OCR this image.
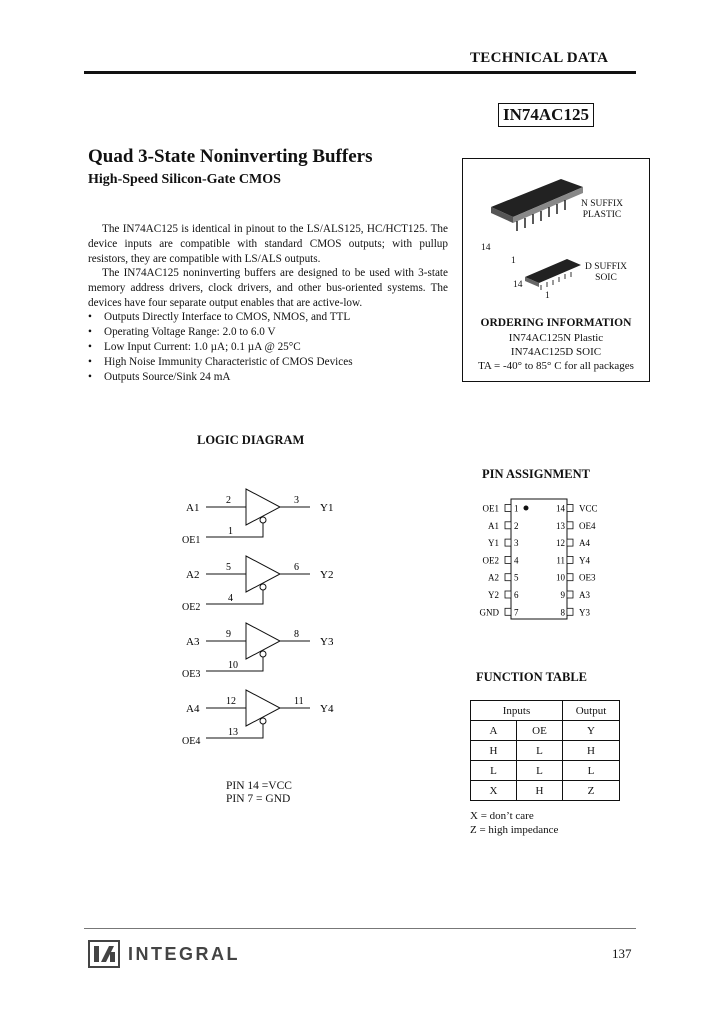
TECHNICAL DATA
IN74AC125
Quad 3-State Noninverting Buffers
High-Speed Silicon-Gate CMOS
The IN74AC125 is identical in pinout to the LS/ALS125, HC/HCT125. The device inputs are compatible with standard CMOS outputs; with pullup resistors, they are compatible with LS/ALS outputs.
The IN74AC125 noninverting buffers are designed to be used with 3-state memory address drivers, clock drivers, and other bus-oriented systems. The devices have four separate output enables that are active-low.
• Outputs Directly Interface to CMOS, NMOS, and TTL
• Operating Voltage Range: 2.0 to 6.0 V
• Low Input Current: 1.0 µA; 0.1 µA @ 25°C
• High Noise Immunity Characteristic of CMOS Devices
• Outputs Source/Sink 24 mA
N SUFFIX
PLASTIC
14
1
D SUFFIX
SOIC
14
1
ORDERING INFORMATION
IN74AC125N Plastic
IN74AC125D SOIC
TA = -40° to 85° C for all packages
LOGIC DIAGRAM
A1
2	3
Y1
1
OE1
A2
5	6
Y2
4
OE2
A3
9	8
Y3
10
OE3
A4
12	11
Y4
13
OE4
PIN 14 =VCC
PIN 7 = GND
PIN ASSIGNMENT
OE1 1
A1 2
Y1 3
OE2 4
A2 5
Y2 6
GND 7
14 VCC
13 OE4
12 A4
11 Y4
10 OE3
9 A3
8 Y3
FUNCTION TABLE
Inputs		Output
A	OE	Y
H	L	H
L	L	L
X	H	Z
X = don’t care
Z = high impedance
INTEGRAL	137
